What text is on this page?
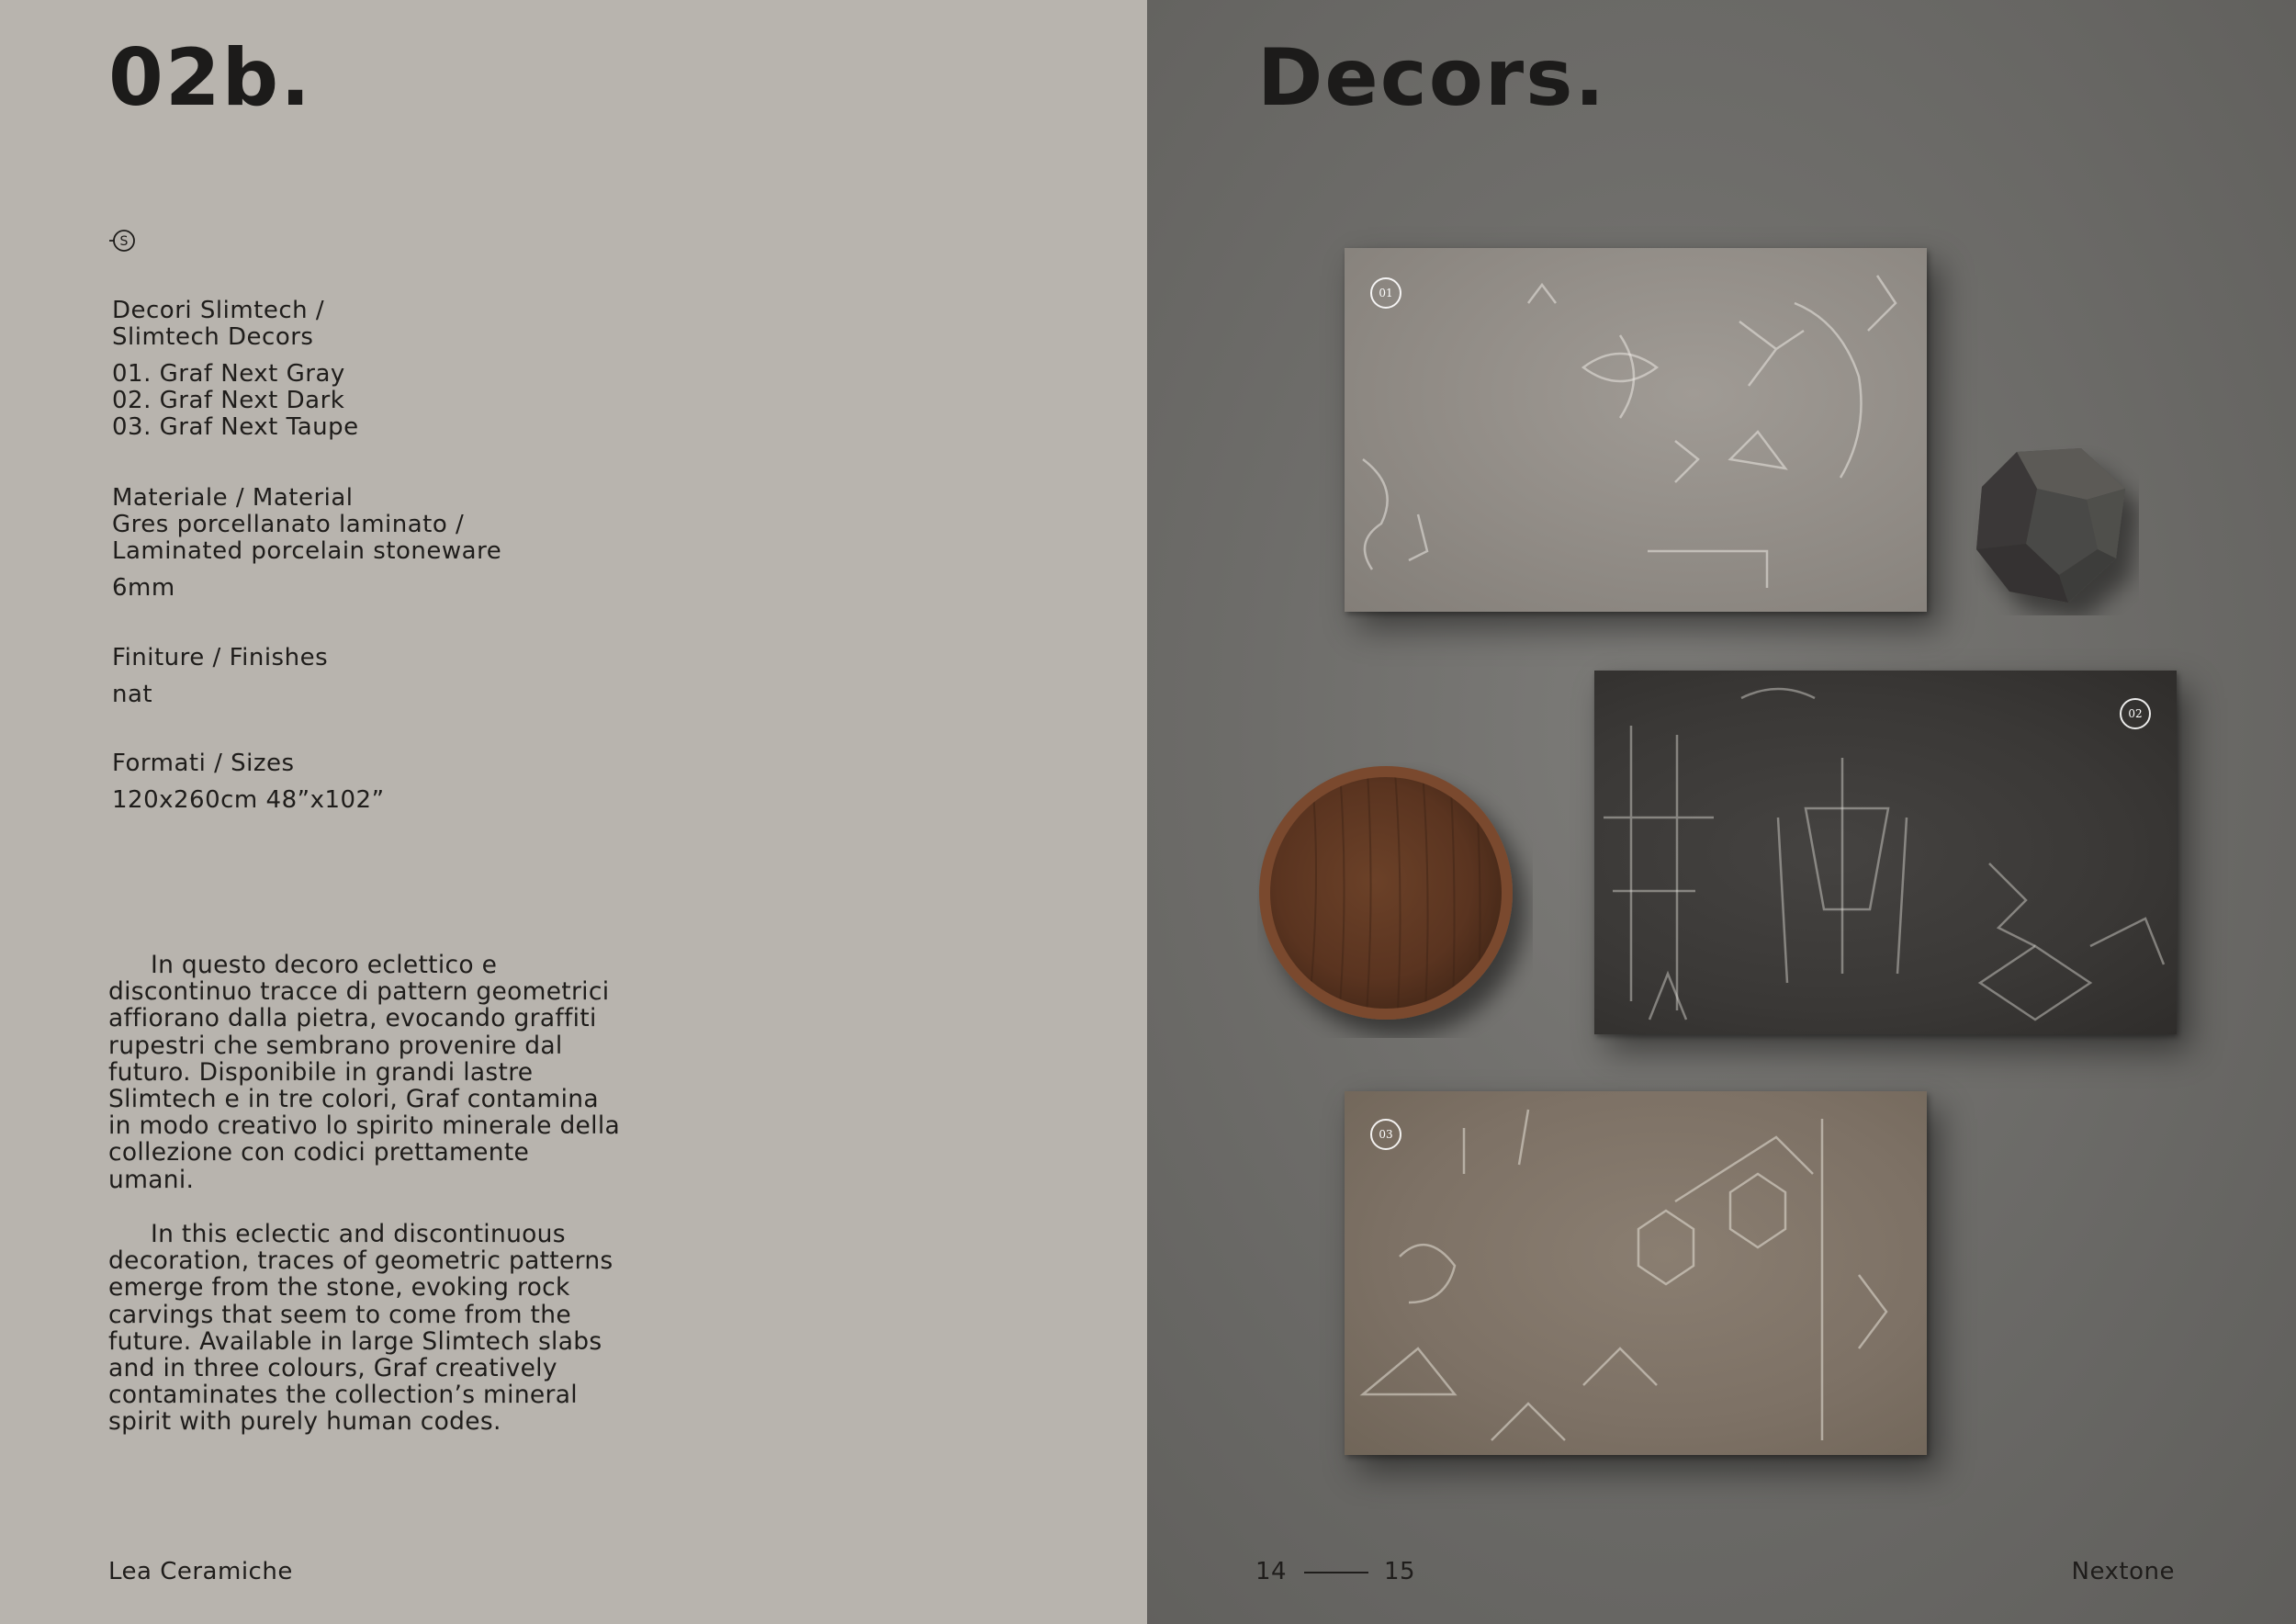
02b.
S

Decori Slimtech /

Slimtech Decors

01. Graf Next Gray

02. Graf Next Dark

03. Graf Next Taupe

Materiale / Material

Gres porcellanato laminato /

Laminated porcelain stoneware

6mm

Finiture / Finishes

nat

Formati / Sizes

120x260cm 48”x102”

In questo decoro eclettico e discontinuo tracce di pattern geometrici affiorano dalla pietra, evocando graffiti rupestri che sembrano provenire dal futuro. Disponibile in grandi lastre Slimtech e in tre colori, Graf contamina in modo creativo lo spirito minerale della collezione con codici prettamente umani.

In this eclectic and discontinuous decoration, traces of geometric patterns emerge from the stone, evoking rock carvings that seem to come from the future. Available in large Slimtech slabs and in three colours, Graf creatively contaminates the collection’s mineral spirit with purely human codes.

Lea Ceramiche

Decors.
01
02
03

14	15	Nextone
